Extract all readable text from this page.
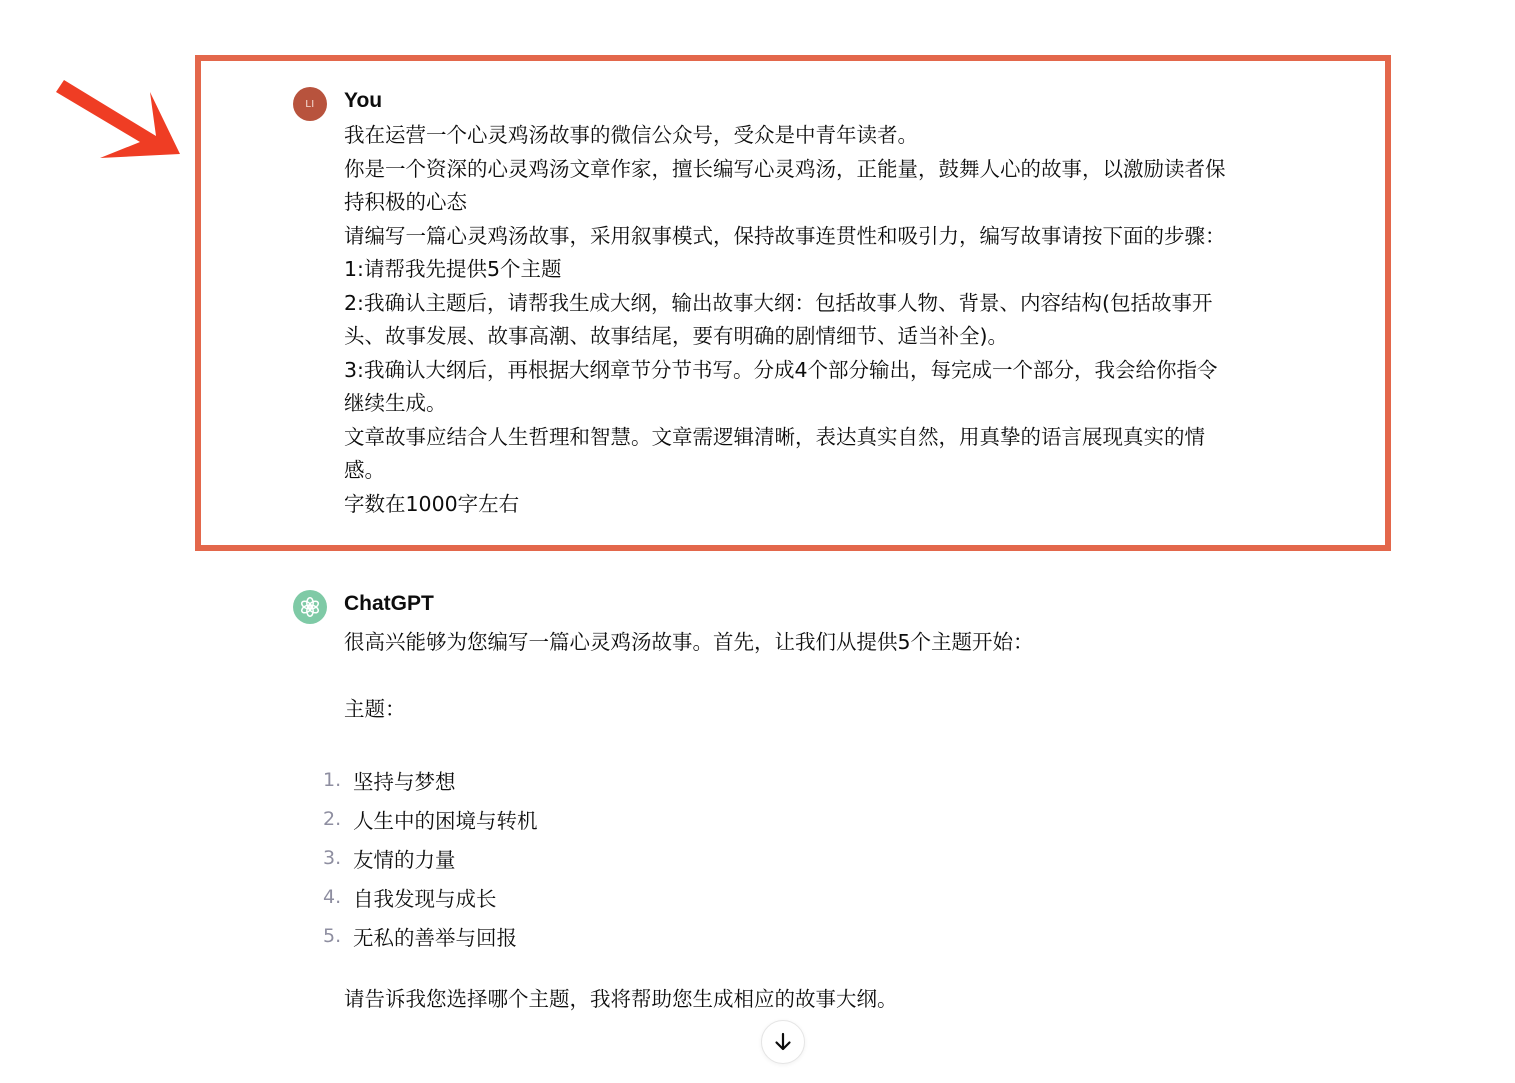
LI You
我在运营一个心灵鸡汤故事的微信公众号，受众是中青年读者。
你是一个资深的心灵鸡汤文章作家，擅长编写心灵鸡汤，正能量，鼓舞人心的故事，以激励读者保
持积极的心态
请编写一篇心灵鸡汤故事，采用叙事模式，保持故事连贯性和吸引力，编写故事请按下面的步骤：
1:请帮我先提供5个主题
2:我确认主题后，请帮我生成大纲，输出故事大纲：包括故事人物、背景、内容结构(包括故事开
头、故事发展、故事高潮、故事结尾，要有明确的剧情细节、适当补全)。
3:我确认大纲后，再根据大纲章节分节书写。分成4个部分输出，每完成一个部分，我会给你指令
继续生成。
文章故事应结合人生哲理和智慧。文章需逻辑清晰，表达真实自然，用真挚的语言展现真实的情
感。
字数在1000字左右
ChatGPT
很高兴能够为您编写一篇心灵鸡汤故事。首先，让我们从提供5个主题开始：
主题：
1. 坚持与梦想
2. 人生中的困境与转机
3. 友情的力量
4. 自我发现与成长
5. 无私的善举与回报
请告诉我您选择哪个主题，我将帮助您生成相应的故事大纲。
